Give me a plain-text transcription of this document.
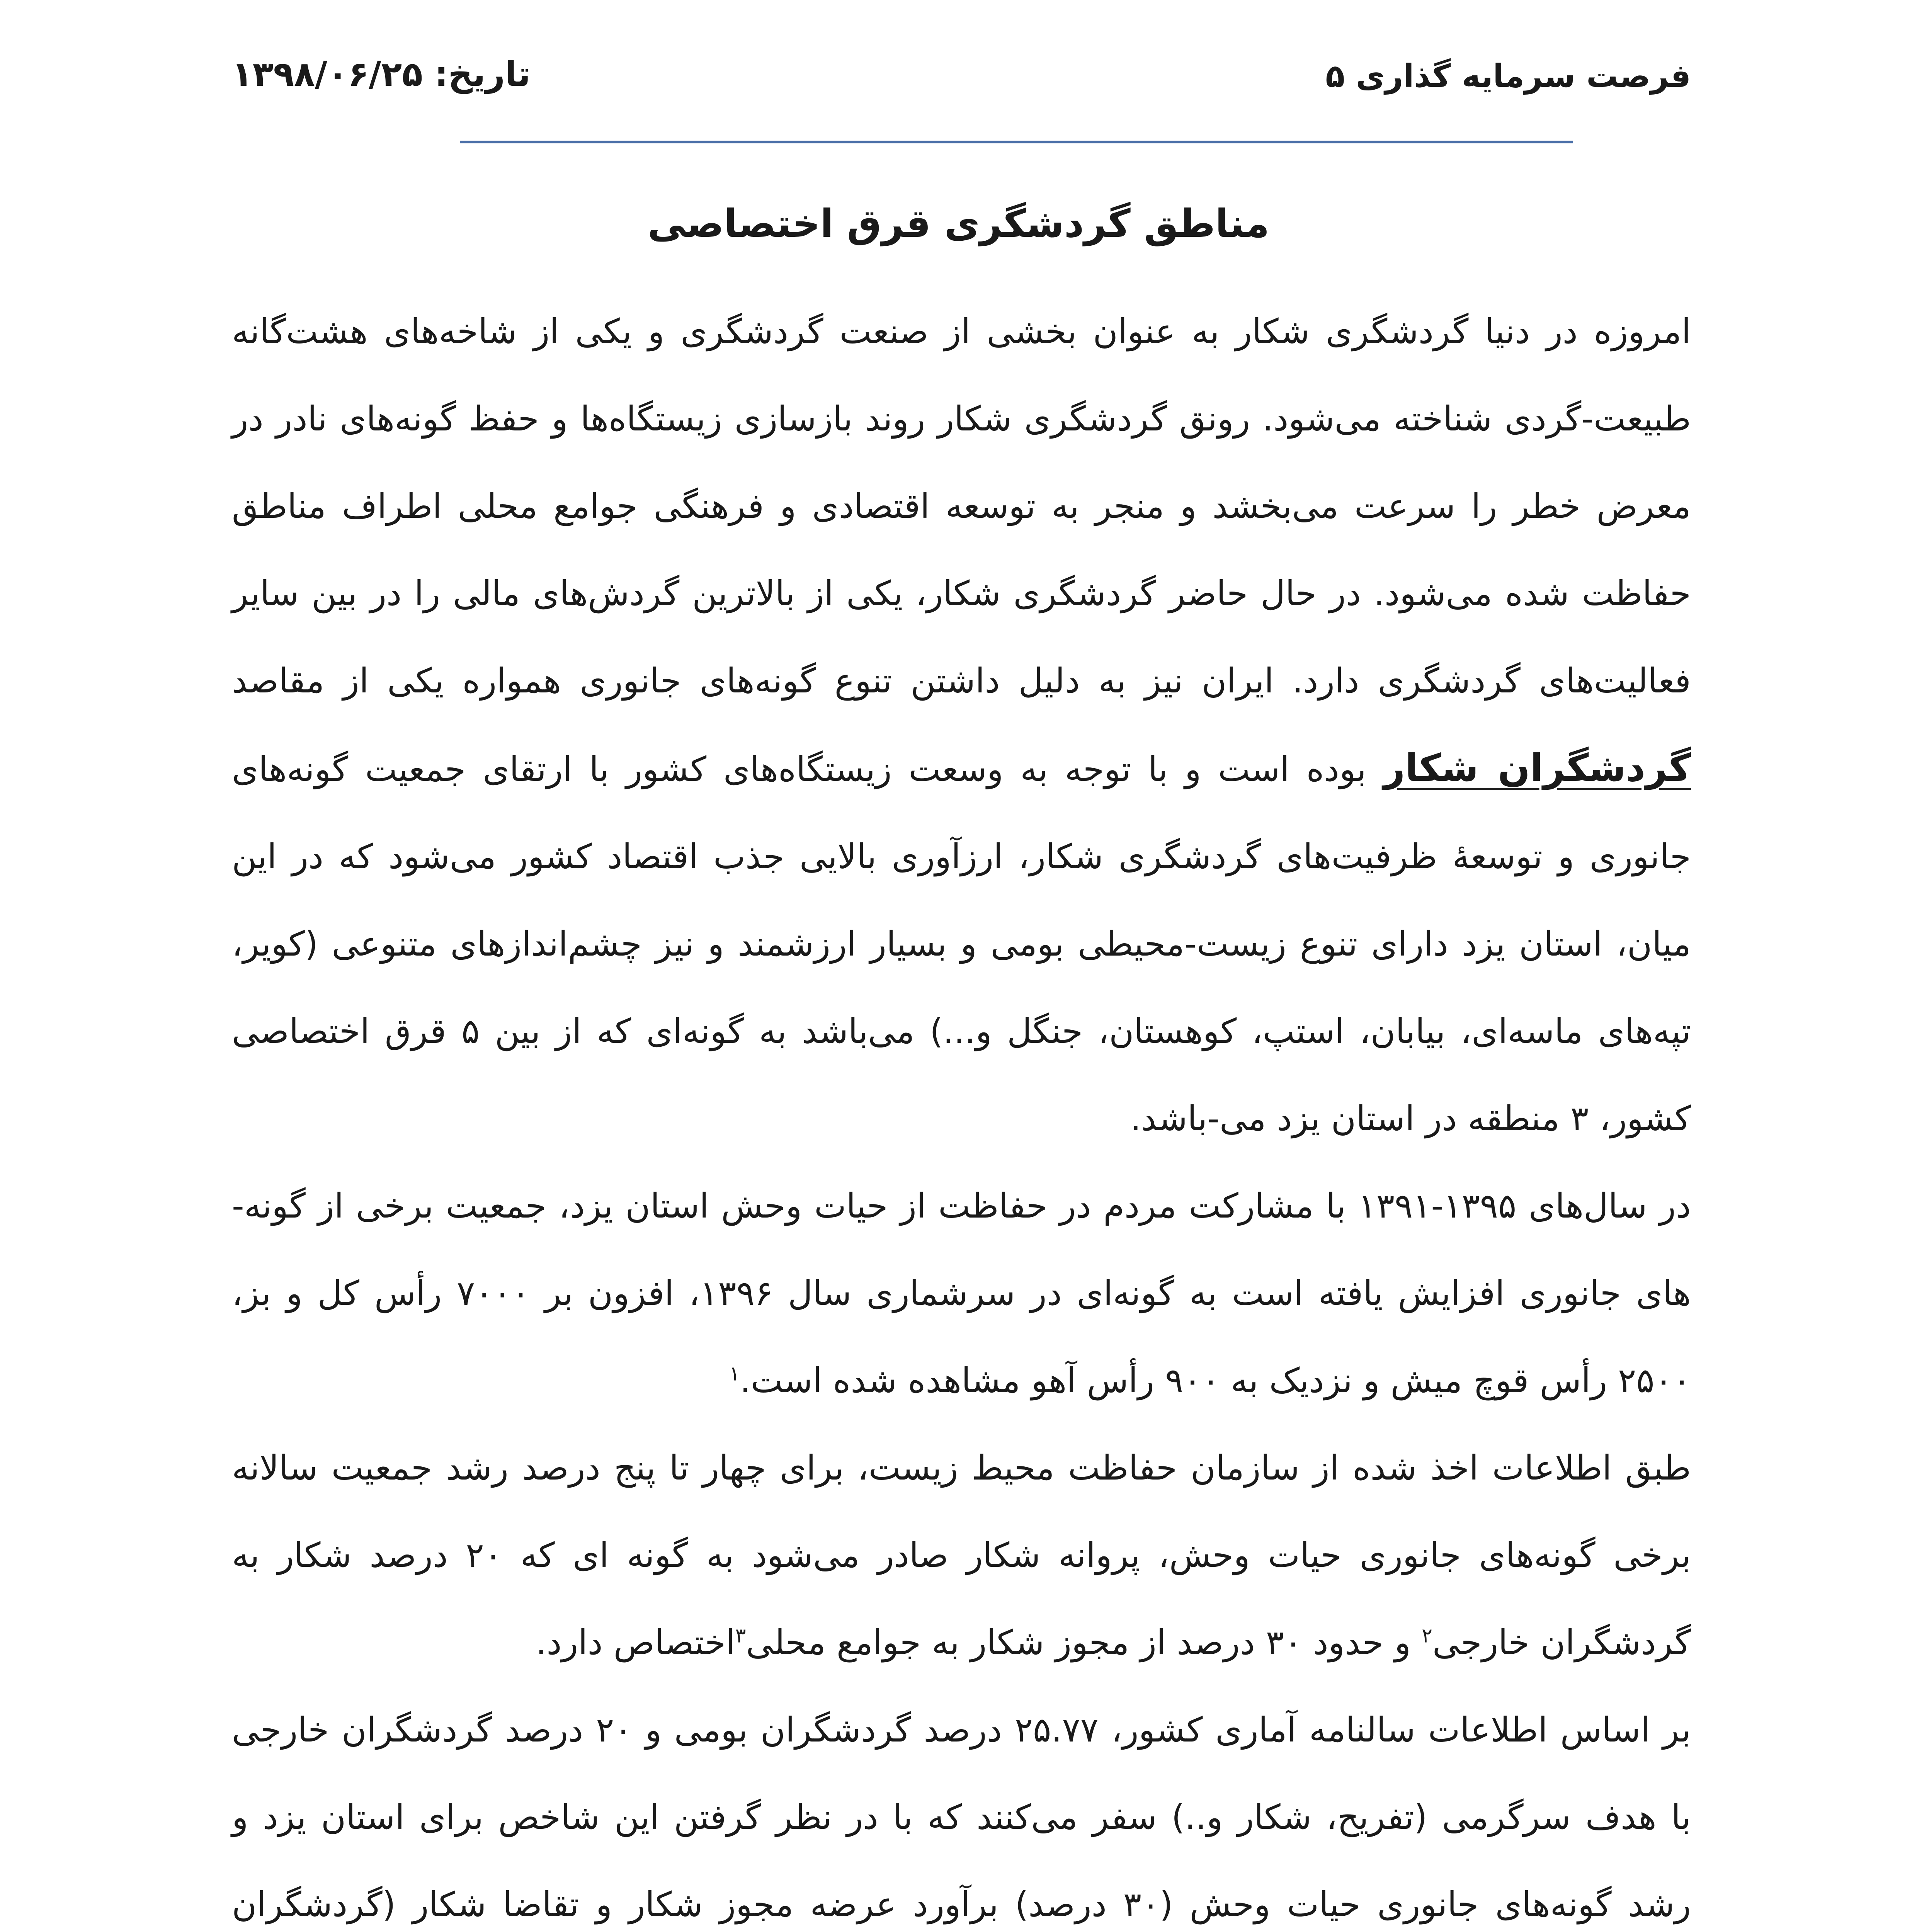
تاریخ: ۱۳۹۸/۰۶/۲۵	فرصت سرمایه گذاری ۵
مناطق گردشگری قرق اختصاصی

امروزه در دنیا گردشگری شکار به عنوان بخشی از صنعت گردشگری و یکی از شاخه‌های هشت‌گانه طبیعت-گردی شناخته می‌شود. رونق گردشگری شکار روند بازسازی زیستگاه‌ها و حفظ گونه‌های نادر در معرض خطر را سرعت می‌بخشد و منجر به توسعه اقتصادی و فرهنگی جوامع محلی اطراف مناطق حفاظت شده می‌شود. در حال حاضر گردشگری شکار، یکی از بالاترین گردش‌های مالی را در بین سایر فعالیت‌های گردشگری دارد. ایران نیز به دلیل داشتن تنوع گونه‌های جانوری همواره یکی از مقاصد گردشگران شکار بوده است و با توجه به وسعت زیستگاه‌های کشور با ارتقای جمعیت گونه‌های جانوری و توسعهٔ ظرفیت‌های گردشگری شکار، ارزآوری بالایی جذب اقتصاد کشور می‌شود که در این میان، استان یزد دارای تنوع زیست-محیطی بومی و بسیار ارزشمند و نیز چشم‌اندازهای متنوعی (کویر، تپه‌های ماسه‌ای، بیابان، استپ، کوهستان، جنگل و...) می‌باشد به گونه‌ای که از بین ۵ قرق اختصاصی کشور، ۳ منطقه در استان یزد می-باشد.

در سال‌های ۱۳۹۵-۱۳۹۱ با مشارکت مردم در حفاظت از حیات وحش استان یزد، جمعیت برخی از گونه-های جانوری افزایش یافته است به گونه‌ای در سرشماری سال ۱۳۹۶، افزون بر ۷۰۰۰ رأس کل و بز، ۲۵۰۰ رأس قوچ میش و نزدیک به ۹۰۰ رأس آهو مشاهده شده است.$^۱$

طبق اطلاعات اخذ شده از سازمان حفاظت محیط زیست، برای چهار تا پنج درصد رشد جمعیت سالانه برخی گونه‌های جانوری حیات وحش، پروانه شکار صادر می‌شود به گونه ای که ۲۰ درصد شکار به گردشگران خارجی$^۲$ و حدود ۳۰ درصد از مجوز شکار به جوامع محلی$^۳$اختصاص دارد.

بر اساس اطلاعات سالنامه آماری کشور، ۲۵.۷۷ درصد گردشگران بومی و ۲۰ درصد گردشگران خارجی با هدف سرگرمی (تفریح، شکار و..) سفر می‌کنند که با در نظر گرفتن این شاخص برای استان یزد و رشد گونه‌های جانوری حیات وحش (۳۰ درصد) برآورد عرضه مجوز شکار و تقاضا شکار (گردشگران
